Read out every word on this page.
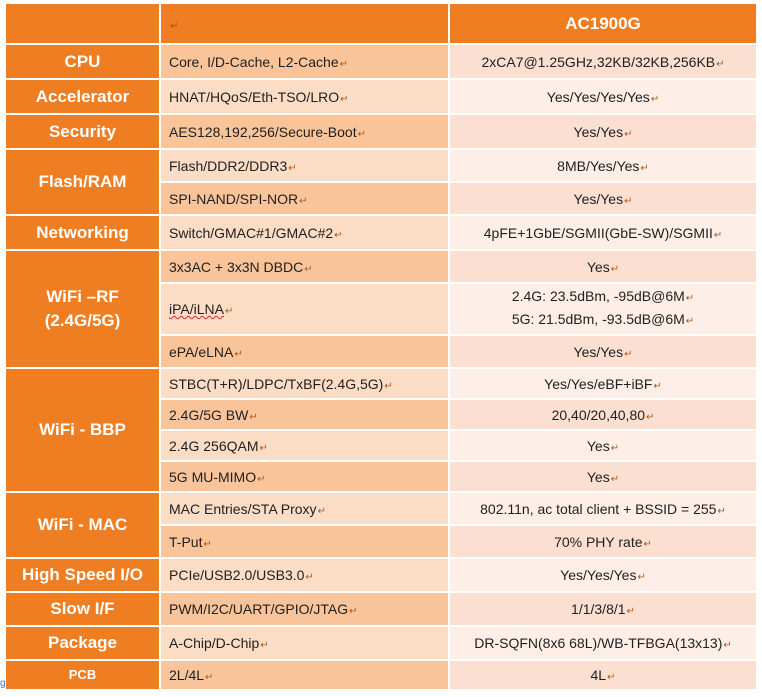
	↵	AC1900G
CPU	Core, I/D-Cache, L2-Cache↵	2xCA7@1.25GHz,32KB/32KB,256KB↵
Accelerator	HNAT/HQoS/Eth-TSO/LRO↵	Yes/Yes/Yes/Yes↵
Security	AES128,192,256/Secure-Boot↵	Yes/Yes↵
Flash/RAM	Flash/DDR2/DDR3↵	8MB/Yes/Yes↵
	SPI-NAND/SPI-NOR↵	Yes/Yes↵
Networking	Switch/GMAC#1/GMAC#2↵	4pFE+1GbE/SGMII(GbE-SW)/SGMII↵

WiFi –RF
(2.4G/5G)	3x3AC + 3x3N DBDC↵	Yes↵
	iPA/iLNA↵	2.4G: 23.5dBm, -95dB@6M↵
5G: 21.5dBm, -93.5dB@6M↵

	ePA/eLNA↵	Yes/Yes↵
WiFi - BBP	STBC(T+R)/LDPC/TxBF(2.4G,5G)↵	Yes/Yes/eBF+iBF↵
	2.4G/5G BW↵	20,40/20,40,80↵
	2.4G 256QAM↵	Yes↵
	5G MU-MIMO↵	Yes↵
WiFi - MAC	MAC Entries/STA Proxy↵	802.11n, ac total client + BSSID = 255↵
	T-Put↵	70% PHY rate↵
High Speed I/O	PCIe/USB2.0/USB3.0↵	Yes/Yes/Yes↵
Slow I/F	PWM/I2C/UART/GPIO/JTAG↵	1/1/3/8/1↵
Package	A-Chip/D-Chip↵	DR-SQFN(8x6 68L)/WB-TFBGA(13x13)↵
PCB	2L/4L↵	4L↵
g
